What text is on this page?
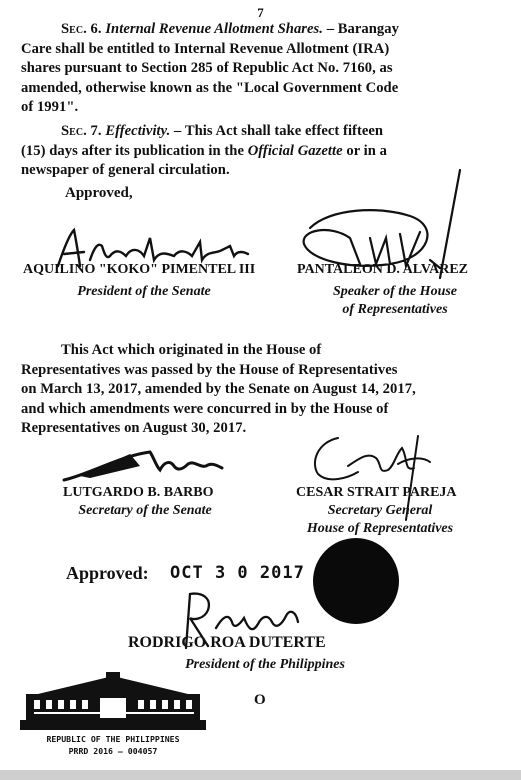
7
Sec. 6. Internal Revenue Allotment Shares. – Barangay
Care shall be entitled to Internal Revenue Allotment (IRA)
shares pursuant to Section 285 of Republic Act No. 7160, as
amended, otherwise known as the "Local Government Code
of 1991".
Sec. 7. Effectivity. – This Act shall take effect fifteen
(15) days after its publication in the Official Gazette or in a
newspaper of general circulation.
Approved,
AQUILINO "KOKO" PIMENTEL III
President of the Senate
PANTALEON D. ALVAREZ
Speaker of the House
of Representatives
This Act which originated in the House of
Representatives was passed by the House of Representatives
on March 13, 2017, amended by the Senate on August 14, 2017,
and which amendments were concurred in by the House of
Representatives on August 30, 2017.
LUTGARDO B. BARBO
Secretary of the Senate
CESAR STRAIT PAREJA
Secretary General
House of Representatives
Approved: OCT 3 0 2017
RODRIGO ROA DUTERTE
President of the Philippines
O
REPUBLIC OF THE PHILIPPINES
PRRD 2016 – 004057
